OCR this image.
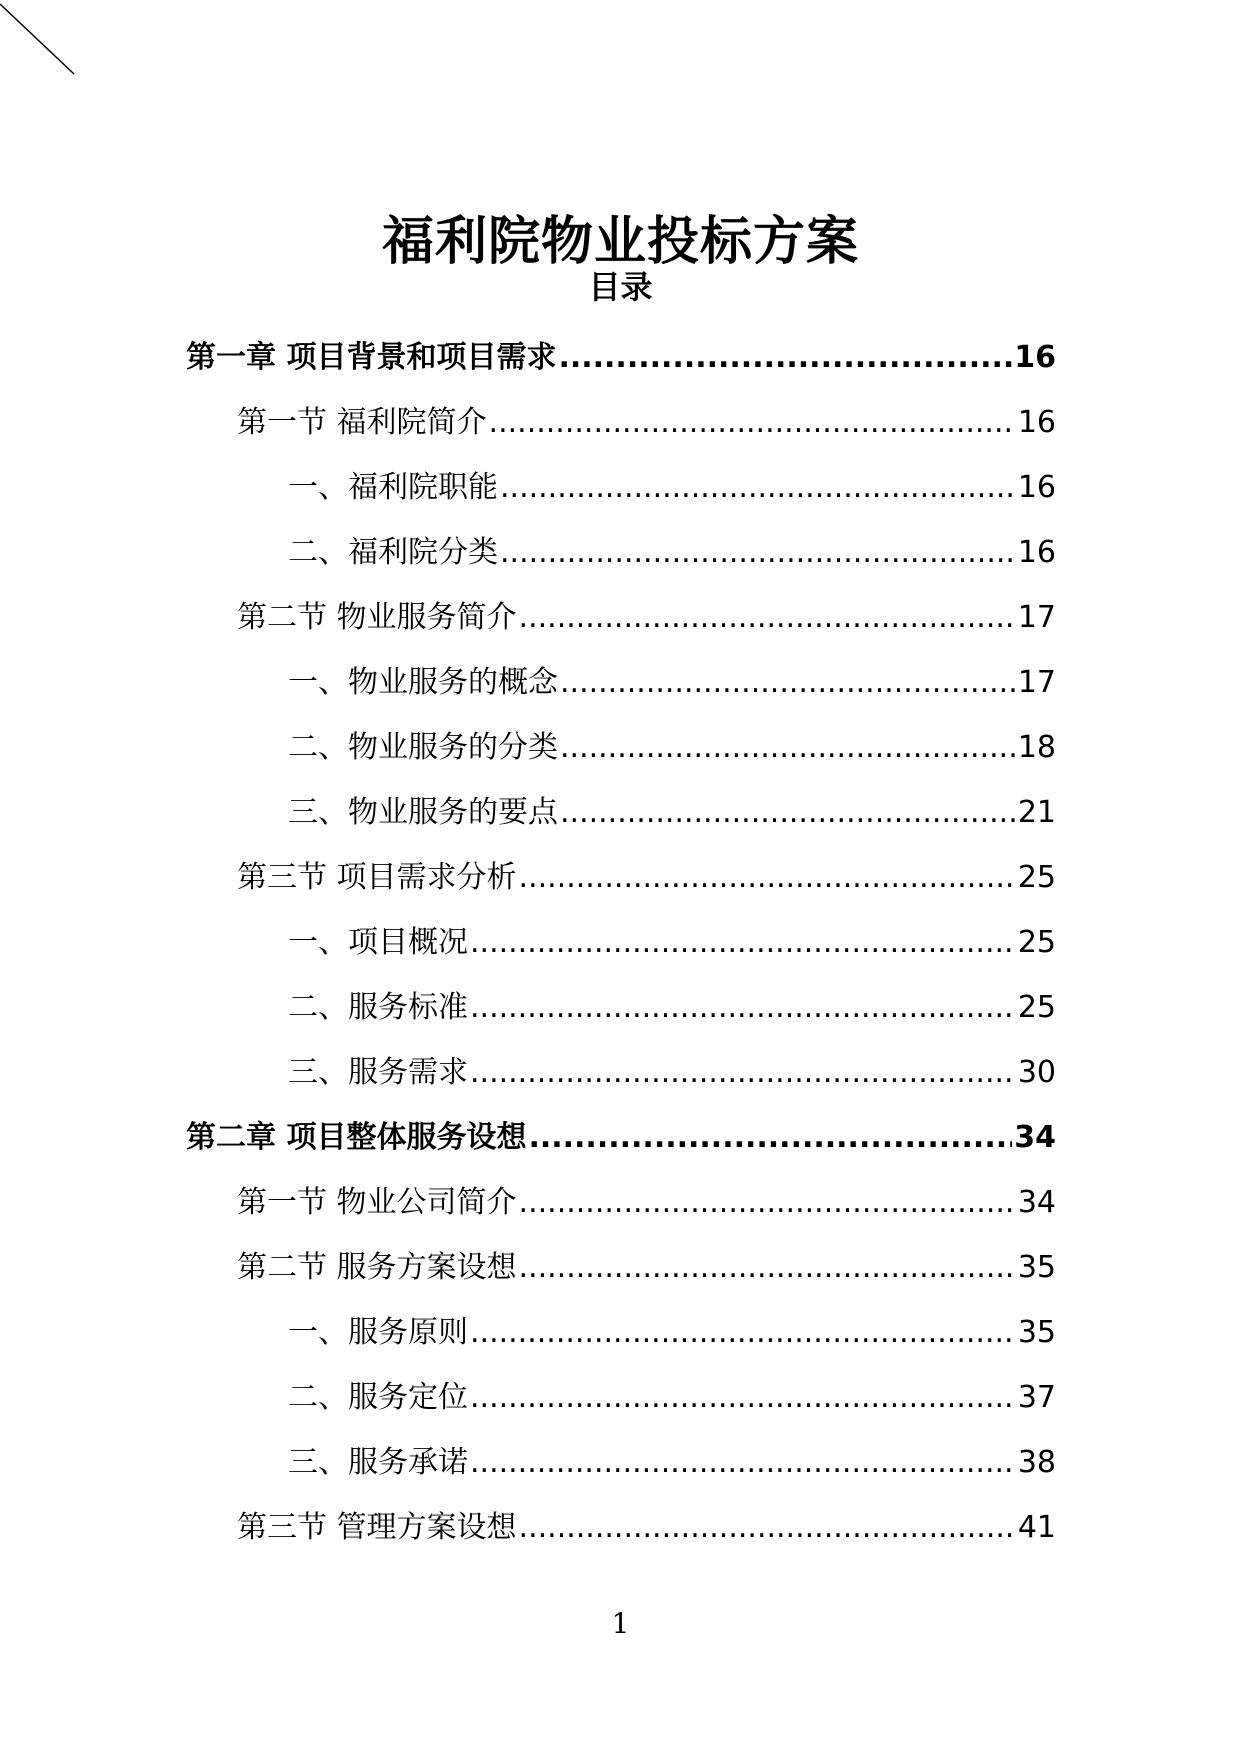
福利院物业投标方案
目录
第一章 项目背景和项目需求 .....	16
第一节 福利院简介 .....	16
一、福利院职能 .....	16
二、福利院分类 .....	16
第二节 物业服务简介 .....	17
一、物业服务的概念 .....	17
二、物业服务的分类 .....	18
三、物业服务的要点 .....	21
第三节 项目需求分析 .....	25
一、项目概况 .....	25
二、服务标准 .....	25
三、服务需求 .....	30
第二章 项目整体服务设想 .....	34
第一节 物业公司简介 .....	34
第二节 服务方案设想 .....	35
一、服务原则 .....	35
二、服务定位 .....	37
三、服务承诺 .....	38
第三节 管理方案设想 .....	41
1
